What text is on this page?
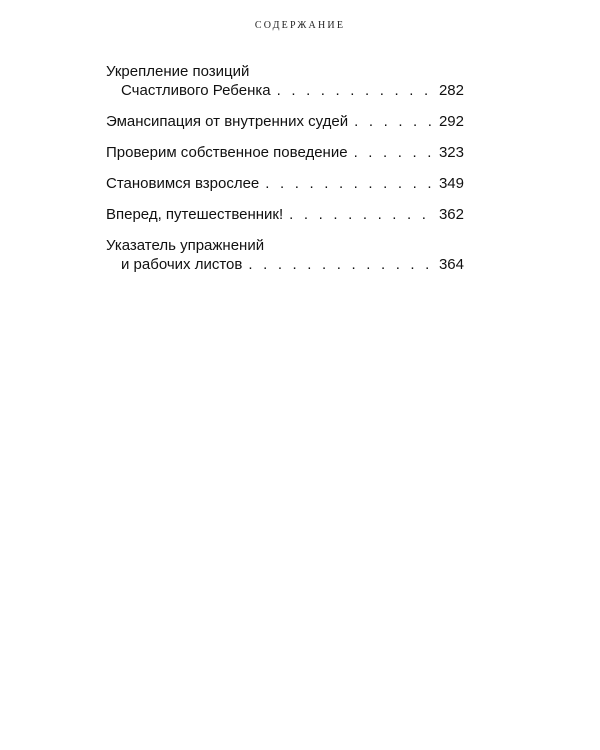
СОДЕРЖАНИЕ
Укрепление позиций
Счастливого Ребенка . . .	282
Эмансипация от внутренних судей . . .	292
Проверим собственное поведение . . .	323
Становимся взрослее . . .	349
Вперед, путешественник! . . .	362
Указатель упражнений
и рабочих листов . . .	364
